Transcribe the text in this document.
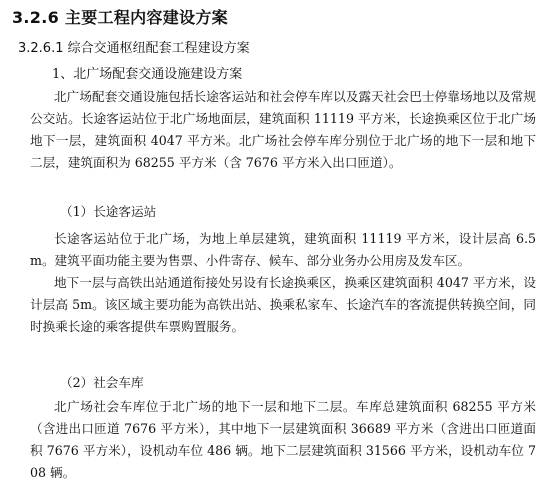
3.2.6 主要工程内容建设方案
3.2.6.1 综合交通枢纽配套工程建设方案
1、北广场配套交通设施建设方案

北广场配套交通设施包括长途客运站和社会停车库以及露天社会巴士停靠场地以及常规公交站。长途客运站位于北广场地面层，建筑面积 11119 平方米，长途换乘区位于北广场地下一层，建筑面积 4047 平方米。北广场社会停车库分别位于北广场的地下一层和地下二层，建筑面积为 68255 平方米（含 7676 平方米入出口匝道）。

（1）长途客运站

长途客运站位于北广场，为地上单层建筑，建筑面积 11119 平方米，设计层高 6.5m。建筑平面功能主要为售票、小件寄存、候车、部分业务办公用房及发车区。

地下一层与高铁出站通道衔接处另设有长途换乘区，换乘区建筑面积 4047 平方米，设计层高 5m。该区域主要功能为高铁出站、换乘私家车、长途汽车的客流提供转换空间，同时换乘长途的乘客提供车票购置服务。

（2）社会车库

北广场社会车库位于北广场的地下一层和地下二层。车库总建筑面积 68255 平方米（含进出口匝道 7676 平方米），其中地下一层建筑面积 36689 平方米（含进出口匝道面积 7676 平方米），设机动车位 486 辆。地下二层建筑面积 31566 平方米，设机动车位 708 辆。
